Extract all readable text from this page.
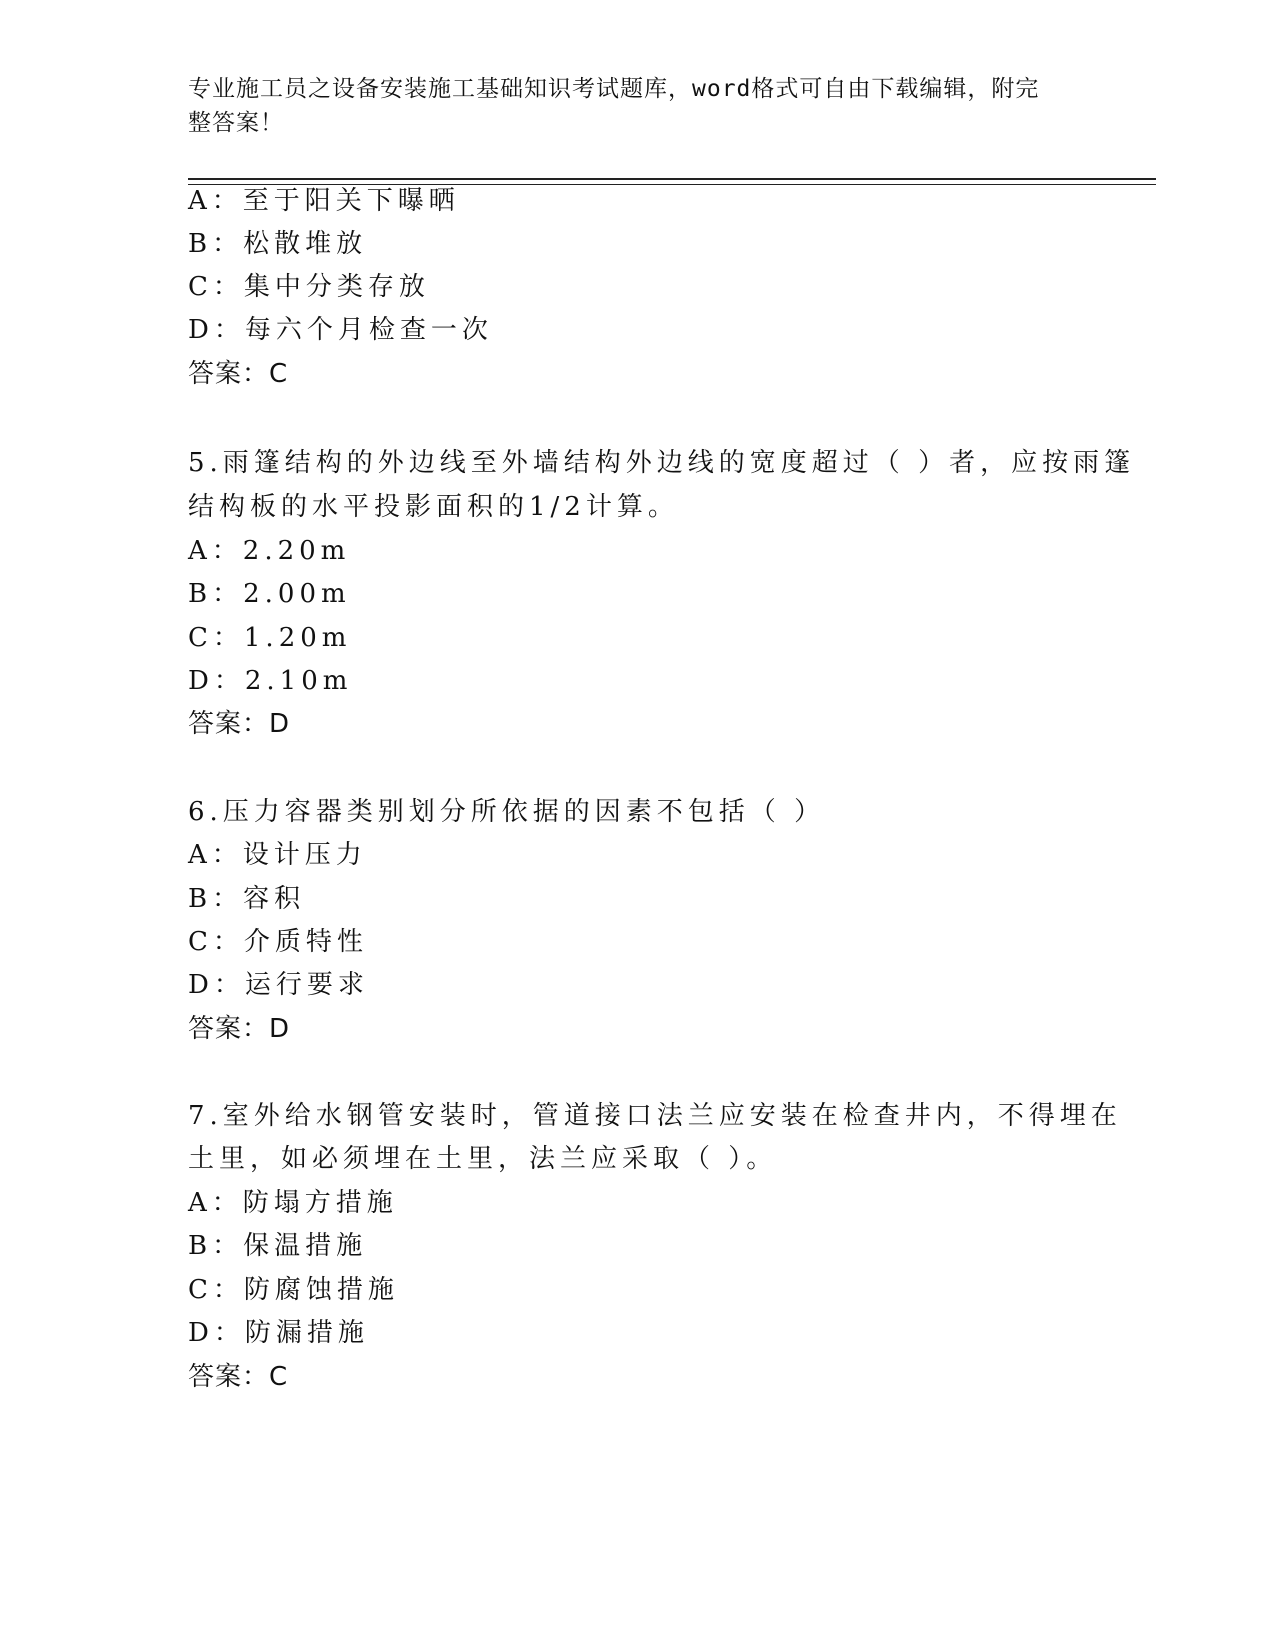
专业施工员之设备安装施工基础知识考试题库，word格式可自由下载编辑，附完
整答案！
A：至于阳关下曝晒
B：松散堆放
C：集中分类存放
D：每六个月检查一次
答案：C
5.雨篷结构的外边线至外墙结构外边线的宽度超过（ ）者，应按雨篷
结构板的水平投影面积的1/2计算。
A：2.20m
B：2.00m
C：1.20m
D：2.10m
答案：D
6.压力容器类别划分所依据的因素不包括（ ）
A：设计压力
B：容积
C：介质特性
D：运行要求
答案：D
7.室外给水钢管安装时，管道接口法兰应安装在检查井内，不得埋在
土里，如必须埋在土里，法兰应采取（ ）。
A：防塌方措施
B：保温措施
C：防腐蚀措施
D：防漏措施
答案：C
